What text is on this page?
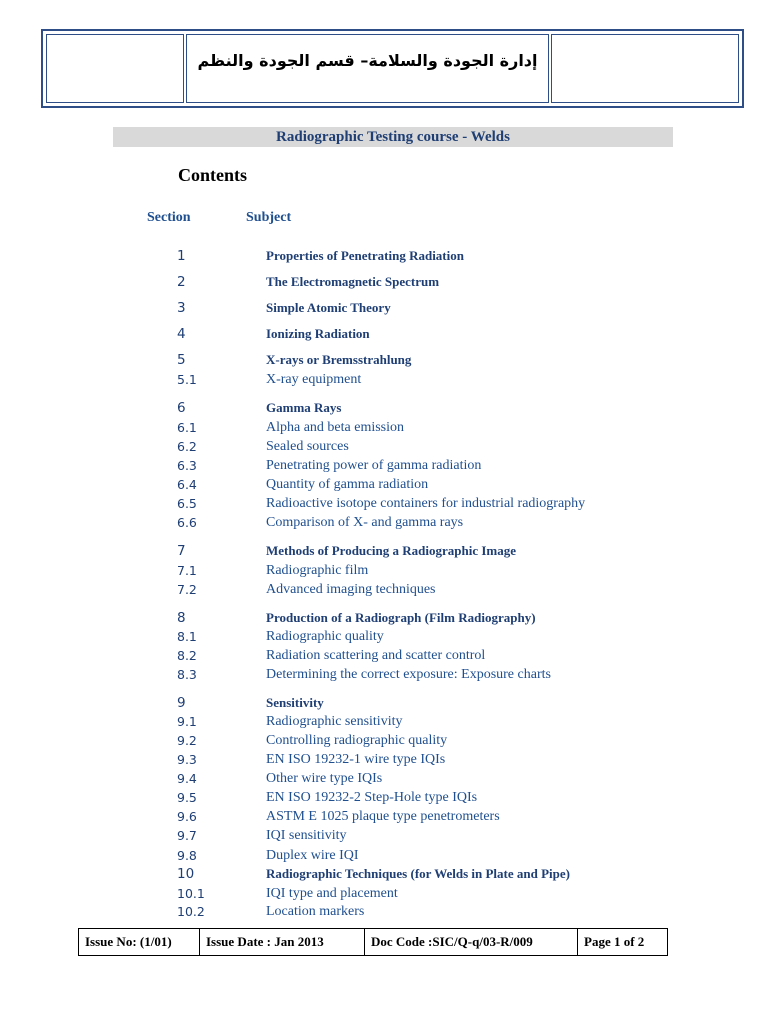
إدارة الجودة والسلامة– قسم الجودة والنظم
Radiographic Testing course - Welds
Contents
Section	Subject
1	Properties of Penetrating Radiation
2	The Electromagnetic Spectrum
3	Simple Atomic Theory
4	Ionizing Radiation
5	X-rays or Bremsstrahlung
5.1	X-ray equipment
6	Gamma Rays
6.1	Alpha and beta emission
6.2	Sealed sources
6.3	Penetrating power of gamma radiation
6.4	Quantity of gamma radiation
6.5	Radioactive isotope containers for industrial radiography
6.6	Comparison of X- and gamma rays
7	Methods of Producing a Radiographic Image
7.1	Radiographic film
7.2	Advanced imaging techniques
8	Production of a Radiograph (Film Radiography)
8.1	Radiographic quality
8.2	Radiation scattering and scatter control
8.3	Determining the correct exposure: Exposure charts
9	Sensitivity
9.1	Radiographic sensitivity
9.2	Controlling radiographic quality
9.3	EN ISO 19232-1 wire type IQIs
9.4	Other wire type IQIs
9.5	EN ISO 19232-2 Step-Hole type IQIs
9.6	ASTM E 1025 plaque type penetrometers
9.7	IQI sensitivity
9.8	Duplex wire IQI
10	Radiographic Techniques (for Welds in Plate and Pipe)
10.1	IQI type and placement
10.2	Location markers
Issue No: (1/01)	Issue Date : Jan 2013	Doc Code :SIC/Q-q/03-R/009	Page 1 of 2
